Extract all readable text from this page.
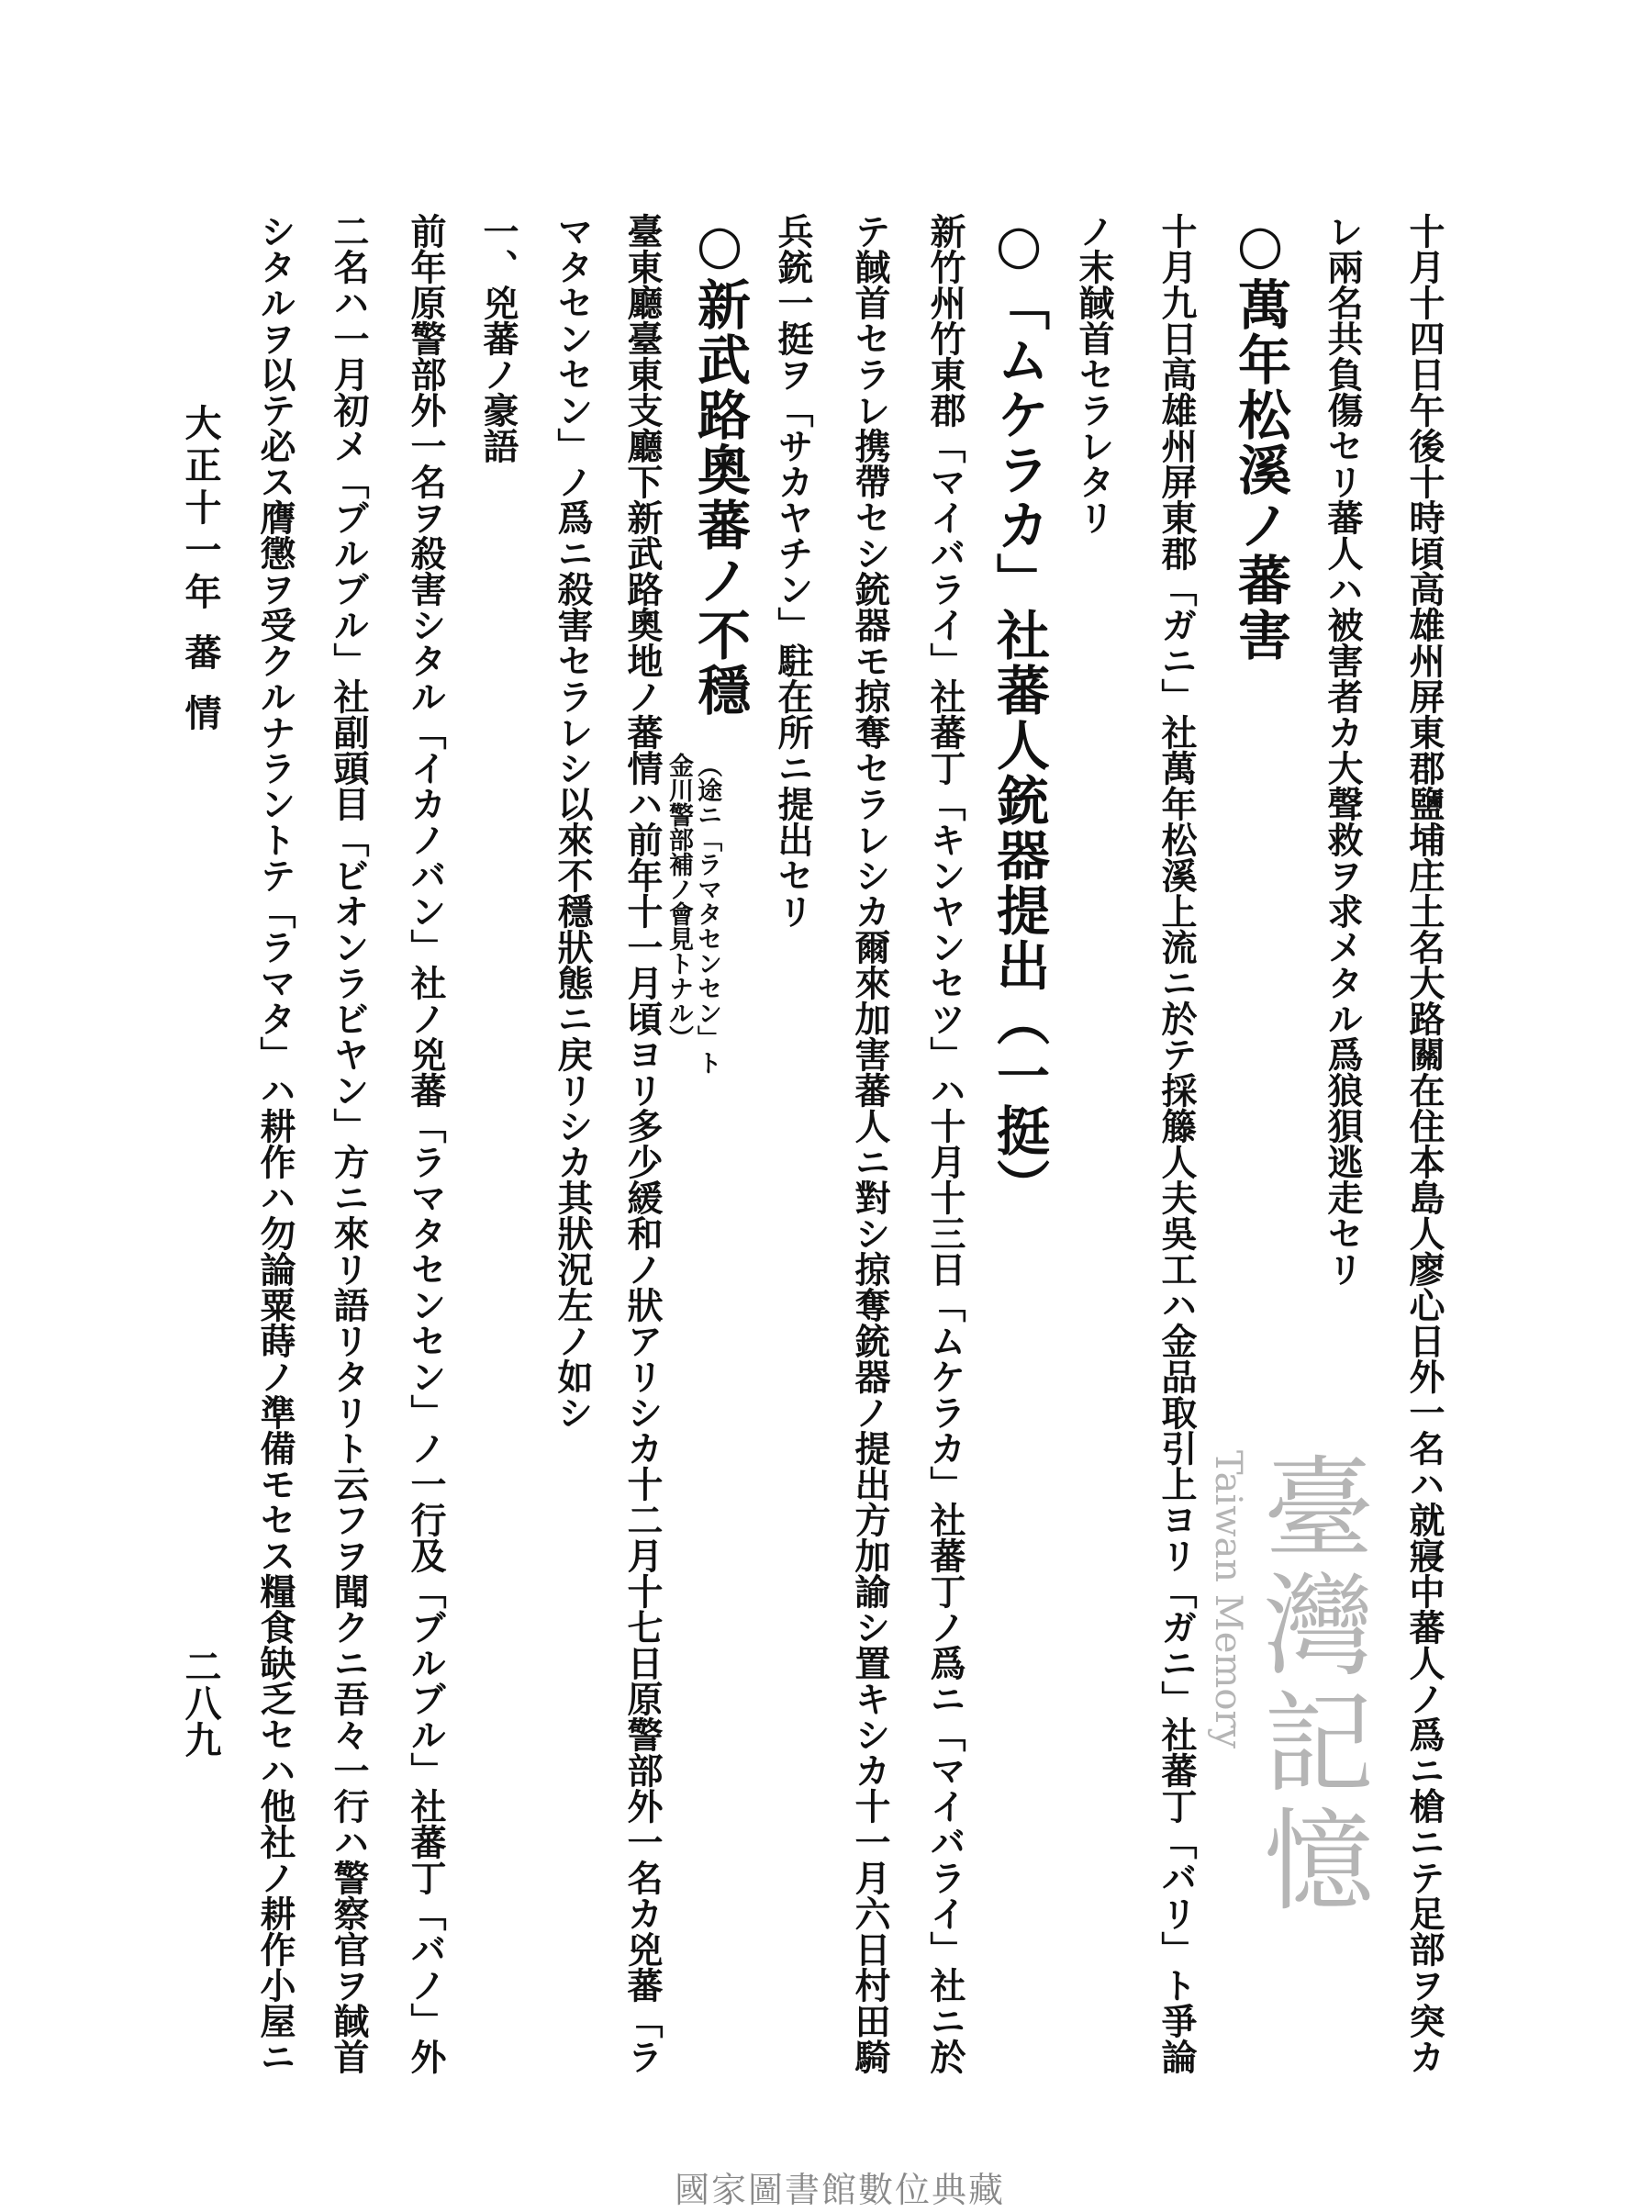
十月十四日午後十時頃高雄州屏東郡鹽埔庄土名大路關在住本島人廖心日外一名ハ就寢中蕃人ノ爲ニ槍ニテ足部ヲ突カ
レ兩名共負傷セリ蕃人ハ被害者カ大聲救ヲ求メタル爲狼狽逃走セリ
○萬年松溪ノ蕃害
十月九日高雄州屏東郡「ガニ」社萬年松溪上流ニ於テ採籐人夫吳工ハ金品取引上ヨリ「ガニ」社蕃丁「バリ」ト爭論
ノ末馘首セラレタリ
○「ムケラカ」社蕃人銃器提出（一挺）
新竹州竹東郡「マイバライ」社蕃丁「キンヤンセツ」ハ十月十三日「ムケラカ」社蕃丁ノ爲ニ「マイバライ」社ニ於
テ馘首セラレ携帶セシ銃器モ掠奪セラレシカ爾來加害蕃人ニ對シ掠奪銃器ノ提出方加諭シ置キシカ十一月六日村田騎
兵銃一挺ヲ「サカヤチン」駐在所ニ提出セリ
○新武路奧蕃ノ不穩
（途ニ「ラマタセンセン」ト金川警部補ノ會見トナル）
臺東廳臺東支廳下新武路奧地ノ蕃情ハ前年十一月頃ヨリ多少緩和ノ狀アリシカ十二月十七日原警部外一名カ兇蕃「ラ
マタセンセン」ノ爲ニ殺害セラレシ以來不穩狀態ニ戻リシカ其狀況左ノ如シ
一、兇蕃ノ豪語
前年原警部外一名ヲ殺害シタル「イカノバン」社ノ兇蕃「ラマタセンセン」ノ一行及「ブルブル」社蕃丁「バノ」外
二名ハ一月初メ「ブルブル」社副頭目「ビオンラビヤン」方ニ來リ語リタリト云フヲ聞クニ吾々一行ハ警察官ヲ馘首
シタルヲ以テ必ス膺懲ヲ受クルナラントテ「ラマタ」ハ耕作ハ勿論粟蒔ノ準備モセス糧食缺乏セハ他社ノ耕作小屋ニ
大正十一年 蕃 情
二八九	臺灣記憶
Taiwan Memory
國家圖書館數位典藏
